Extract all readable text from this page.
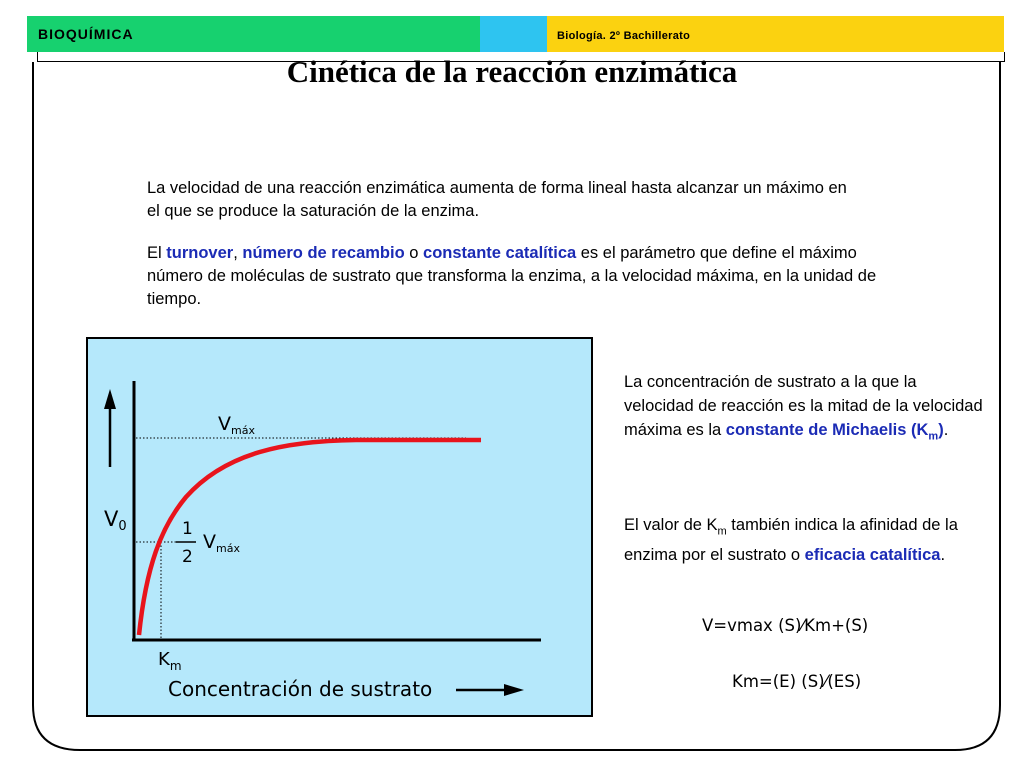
BIOQUÍMICA	Biología. 2º Bachillerato
Cinética de la reacción enzimática
La velocidad de una reacción enzimática aumenta de forma lineal hasta alcanzar un máximo en el que se produce la saturación de la enzima.
El turnover, número de recambio o constante catalítica es el parámetro que define el máximo número de moléculas de sustrato que transforma la enzima, a la velocidad máxima, en la unidad de tiempo.
$V_{máx}$
V0	1
2
$V_{máx}$
$K_m$
Concentración de sustrato
La concentración de sustrato a la que la velocidad de reacción es la mitad de la velocidad máxima es la constante de Michaelis $(K_m)$.
El valor de $K_m$ también indica la afinidad de la enzima por el sustrato o eficacia catalítica.
V=vmax (S)⁄Km+(S)
Km=(E) (S)⁄(ES)
